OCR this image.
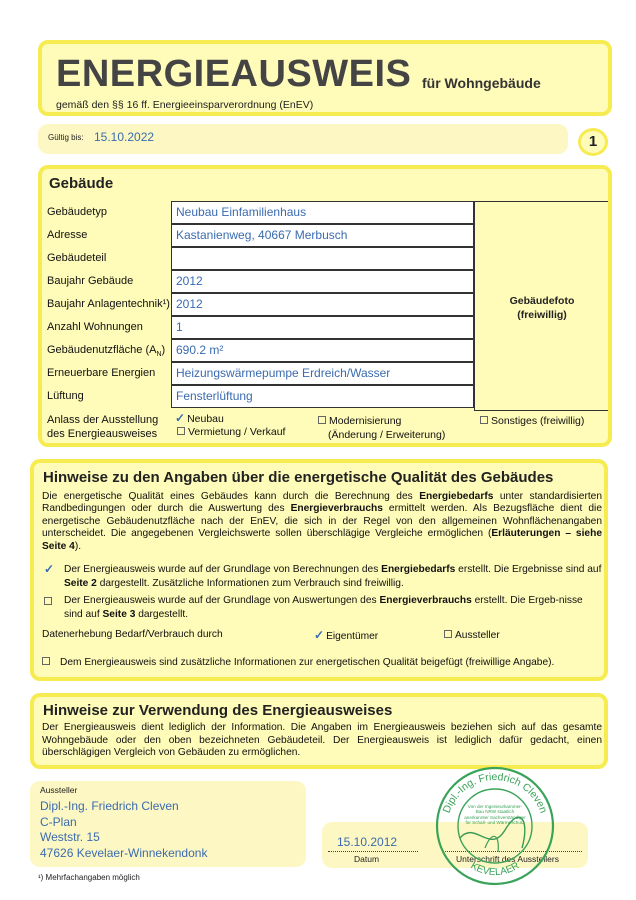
ENERGIEAUSWEIS für Wohngebäude
gemäß den §§ 16 ff. Energieeinsparverordnung (EnEV)
Gültig bis: 15.10.2022	1
Gebäude
Gebäudetyp	Neubau Einfamilienhaus
Adresse	Kastanienweg, 40667 Merbusch
Gebäudeteil
Baujahr Gebäude	2012
Baujahr Anlagentechnik¹) 2012
Anzahl Wohnungen	1
Gebäudenutzfläche $(A_N)$ 690.2 m²
Erneuerbare Energien	Heizungswärmepumpe Erdreich/Wasser
Lüftung	Fensterlüftung
Gebäudefoto
(freiwillig)
Anlass der Ausstellung
des Energieausweises
✓ Neubau
Vermietung / Verkauf
Modernisierung
(Änderung / Erweiterung)
Sonstiges (freiwillig)
Hinweise zu den Angaben über die energetische Qualität des Gebäudes
Die energetische Qualität eines Gebäudes kann durch die Berechnung des Energiebedarfs unter standardisierten Randbedingungen oder durch die Auswertung des Energieverbrauchs ermittelt werden. Als Bezugsfläche dient die energetische Gebäudenutzfläche nach der EnEV, die sich in der Regel von den allgemeinen Wohnflächenangaben unterscheidet. Die angegebenen Vergleichswerte sollen überschlägige Vergleiche ermöglichen (Erläuterungen – siehe Seite 4).
✓ Der Energieausweis wurde auf der Grundlage von Berechnungen des Energiebedarfs erstellt. Die Ergebnisse sind auf Seite 2 dargestellt. Zusätzliche Informationen zum Verbrauch sind freiwillig.
Der Energieausweis wurde auf der Grundlage von Auswertungen des Energieverbrauchs erstellt. Die Ergeb-nisse sind auf Seite 3 dargestellt.
Datenerhebung Bedarf/Verbrauch durch	✓ Eigentümer	Aussteller
Dem Energieausweis sind zusätzliche Informationen zur energetischen Qualität beigefügt (freiwillige Angabe).
Hinweise zur Verwendung des Energieausweises
Der Energieausweis dient lediglich der Information. Die Angaben im Energieausweis beziehen sich auf das gesamte Wohngebäude oder den oben bezeichneten Gebäudeteil. Der Energieausweis ist lediglich dafür gedacht, einen überschlägigen Vergleich von Gebäuden zu ermöglichen.
Aussteller
Dipl.-Ing. Friedrich Cleven
C-Plan
Weststr. 15
47626 Kevelaer-Winnekendonk
15.10.2012
Datum	Unterschrift des Ausstellers
Dipl.-Ing. Friedrich Cleven
KEVELAER
Von der Ingenieurkammer-Bau NRW staatlich anerkannter Sachverständiger für Schall- und Wärmeschutz
¹) Mehrfachangaben möglich
